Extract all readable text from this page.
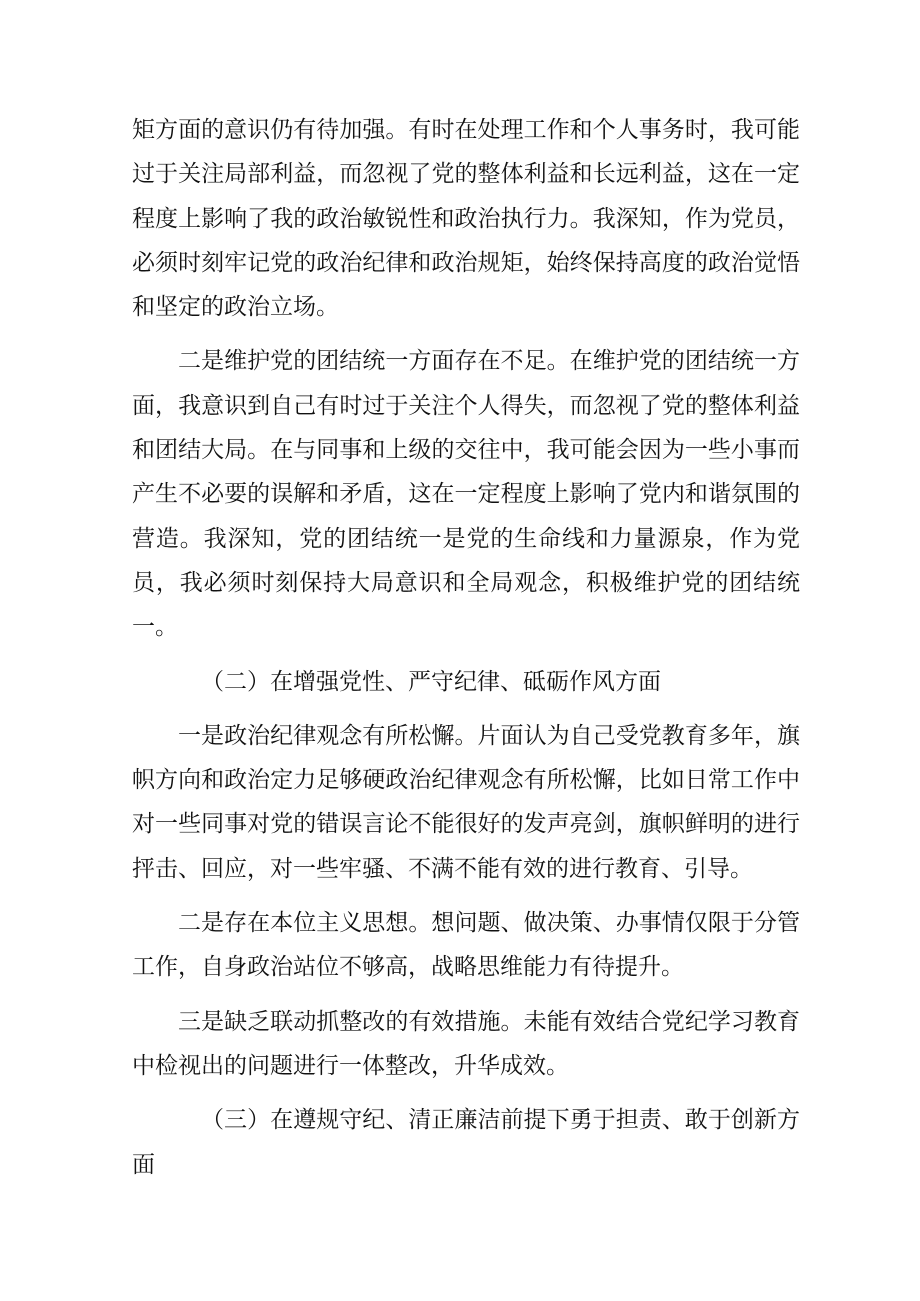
矩方面的意识仍有待加强。有时在处理工作和个人事务时，我可能过于关注局部利益，而忽视了党的整体利益和长远利益，这在一定程度上影响了我的政治敏锐性和政治执行力。我深知，作为党员，必须时刻牢记党的政治纪律和政治规矩，始终保持高度的政治觉悟和坚定的政治立场。

二是维护党的团结统一方面存在不足。在维护党的团结统一方面，我意识到自己有时过于关注个人得失，而忽视了党的整体利益和团结大局。在与同事和上级的交往中，我可能会因为一些小事而产生不必要的误解和矛盾，这在一定程度上影响了党内和谐氛围的营造。我深知，党的团结统一是党的生命线和力量源泉，作为党员，我必须时刻保持大局意识和全局观念，积极维护党的团结统一。

（二）在增强党性、严守纪律、砥砺作风方面

一是政治纪律观念有所松懈。片面认为自己受党教育多年，旗帜方向和政治定力足够硬政治纪律观念有所松懈，比如日常工作中对一些同事对党的错误言论不能很好的发声亮剑，旗帜鲜明的进行抨击、回应，对一些牢骚、不满不能有效的进行教育、引导。

二是存在本位主义思想。想问题、做决策、办事情仅限于分管工作，自身政治站位不够高，战略思维能力有待提升。

三是缺乏联动抓整改的有效措施。未能有效结合党纪学习教育中检视出的问题进行一体整改，升华成效。

（三）在遵规守纪、清正廉洁前提下勇于担责、敢于创新方面
